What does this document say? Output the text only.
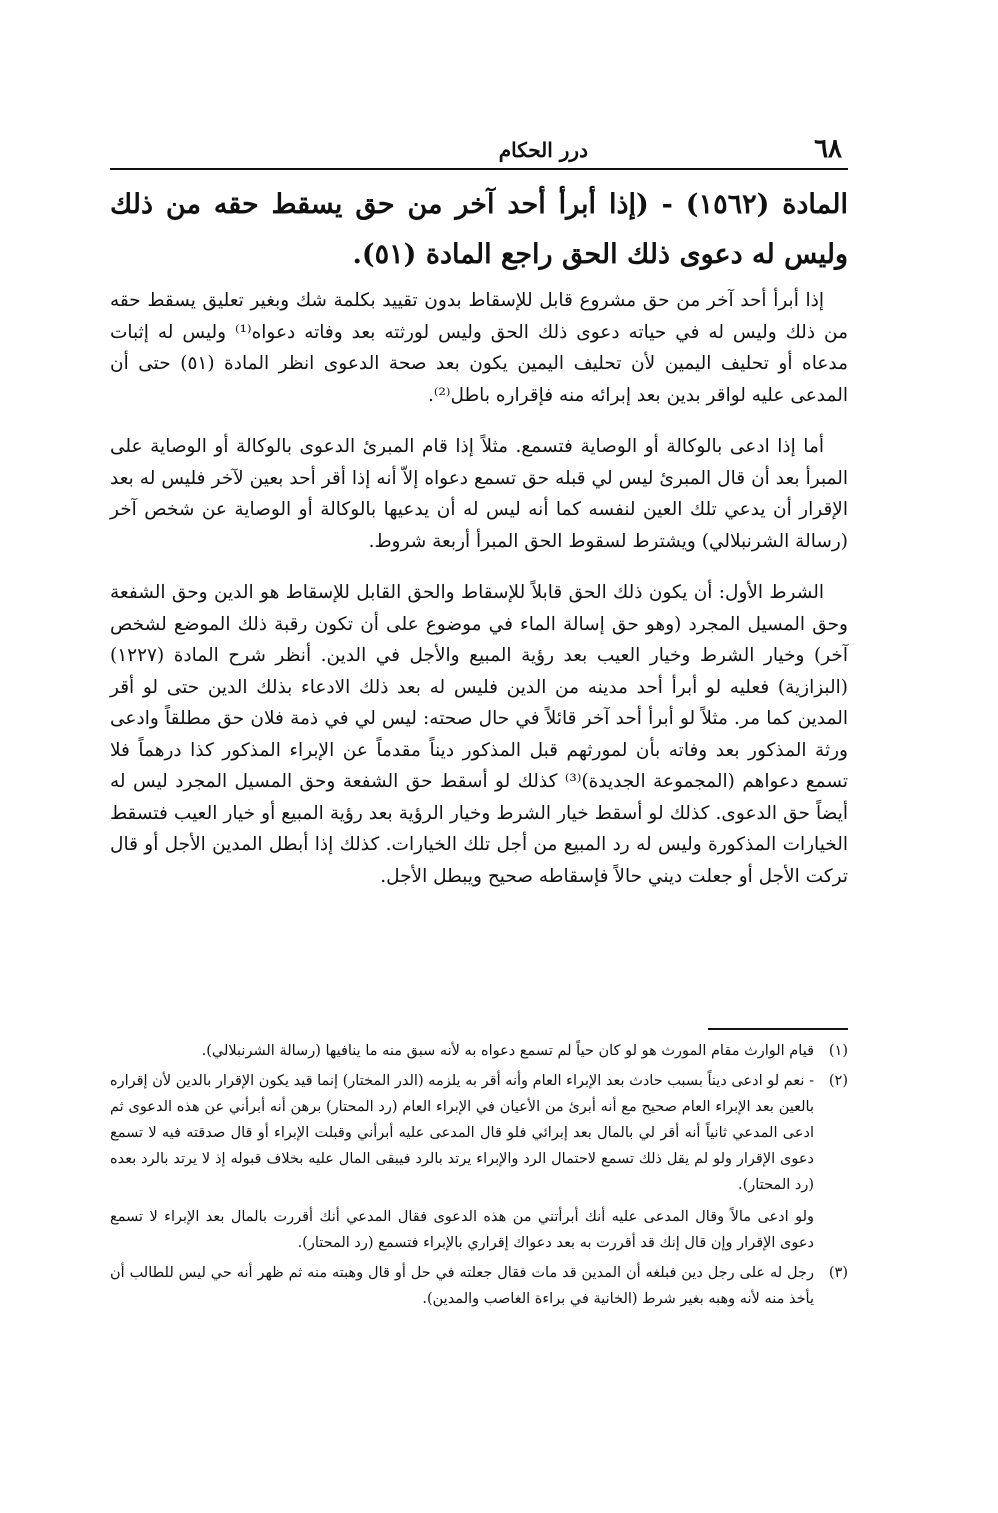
٦٨
درر الحكام
المادة (١٥٦٢) - (إذا أبرأ أحد آخر من حق يسقط حقه من ذلك وليس له دعوى ذلك الحق راجع المادة (٥١).

إذا أبرأ أحد آخر من حق مشروع قابل للإسقاط بدون تقييد بكلمة شك وبغير تعليق يسقط حقه من ذلك وليس له في حياته دعوى ذلك الحق وليس لورثته بعد وفاته دعواه⁽¹⁾ وليس له إثبات مدعاه أو تحليف اليمين لأن تحليف اليمين يكون بعد صحة الدعوى انظر المادة (٥١) حتى أن المدعى عليه لواقر بدين بعد إبرائه منه فإقراره باطل⁽²⁾.

أما إذا ادعى بالوكالة أو الوصاية فتسمع. مثلاً إذا قام المبرئ الدعوى بالوكالة أو الوصاية على المبرأ بعد أن قال المبرئ ليس لي قبله حق تسمع دعواه إلاّ أنه إذا أقر أحد بعين لآخر فليس له بعد الإقرار أن يدعي تلك العين لنفسه كما أنه ليس له أن يدعيها بالوكالة أو الوصاية عن شخص آخر (رسالة الشرنبلالي) ويشترط لسقوط الحق المبرأ أربعة شروط.

الشرط الأول: أن يكون ذلك الحق قابلاً للإسقاط والحق القابل للإسقاط هو الدين وحق الشفعة وحق المسيل المجرد (وهو حق إسالة الماء في موضوع على أن تكون رقبة ذلك الموضع لشخص آخر) وخيار الشرط وخيار العيب بعد رؤية المبيع والأجل في الدين. أنظر شرح المادة (١٢٢٧) (البزازية) فعليه لو أبرأ أحد مدينه من الدين فليس له بعد ذلك الادعاء بذلك الدين حتى لو أقر المدين كما مر. مثلاً لو أبرأ أحد آخر قائلاً في حال صحته: ليس لي في ذمة فلان حق مطلقاً وادعى ورثة المذكور بعد وفاته بأن لمورثهم قبل المذكور ديناً مقدماً عن الإبراء المذكور كذا درهماً فلا تسمع دعواهم (المجموعة الجديدة)⁽³⁾ كذلك لو أسقط حق الشفعة وحق المسيل المجرد ليس له أيضاً حق الدعوى. كذلك لو أسقط خيار الشرط وخيار الرؤية بعد رؤية المبيع أو خيار العيب فتسقط الخيارات المذكورة وليس له رد المبيع من أجل تلك الخيارات. كذلك إذا أبطل المدين الأجل أو قال تركت الأجل أو جعلت ديني حالاً فإسقاطه صحيح ويبطل الأجل.

(١)
قيام الوارث مقام المورث هو لو كان حياً لم تسمع دعواه به لأنه سبق منه ما ينافيها (رسالة الشرنبلالي).
(٢)
- نعم لو ادعى ديناً بسبب حادث بعد الإبراء العام وأنه أقر به يلزمه (الدر المختار) إنما قيد يكون الإقرار بالدين لأن إقراره بالعين بعد الإبراء العام صحيح مع أنه أبرئ من الأعيان في الإبراء العام (رد المحتار) برهن أنه أبرأني عن هذه الدعوى ثم ادعى المدعي ثانياً أنه أقر لي بالمال بعد إبرائي فلو قال المدعى عليه أبرأني وقبلت الإبراء أو قال صدقته فيه لا تسمع دعوى الإقرار ولو لم يقل ذلك تسمع لاحتمال الرد والإبراء يرتد بالرد فيبقى المال عليه بخلاف قبوله إذ لا يرتد بالرد بعده (رد المحتار).

ولو ادعى مالاً وقال المدعى عليه أنك أبرأتني من هذه الدعوى فقال المدعي أنك أقررت بالمال بعد الإبراء لا تسمع دعوى الإقرار وإن قال إنك قد أقررت به بعد دعواك إقراري بالإبراء فتسمع (رد المحتار).

(٣)
رجل له على رجل دين فبلغه أن المدين قد مات فقال جعلته في حل أو قال وهبته منه ثم ظهر أنه حي ليس للطالب أن يأخذ منه لأنه وهبه بغير شرط (الخانية في براءة الغاصب والمدين).
